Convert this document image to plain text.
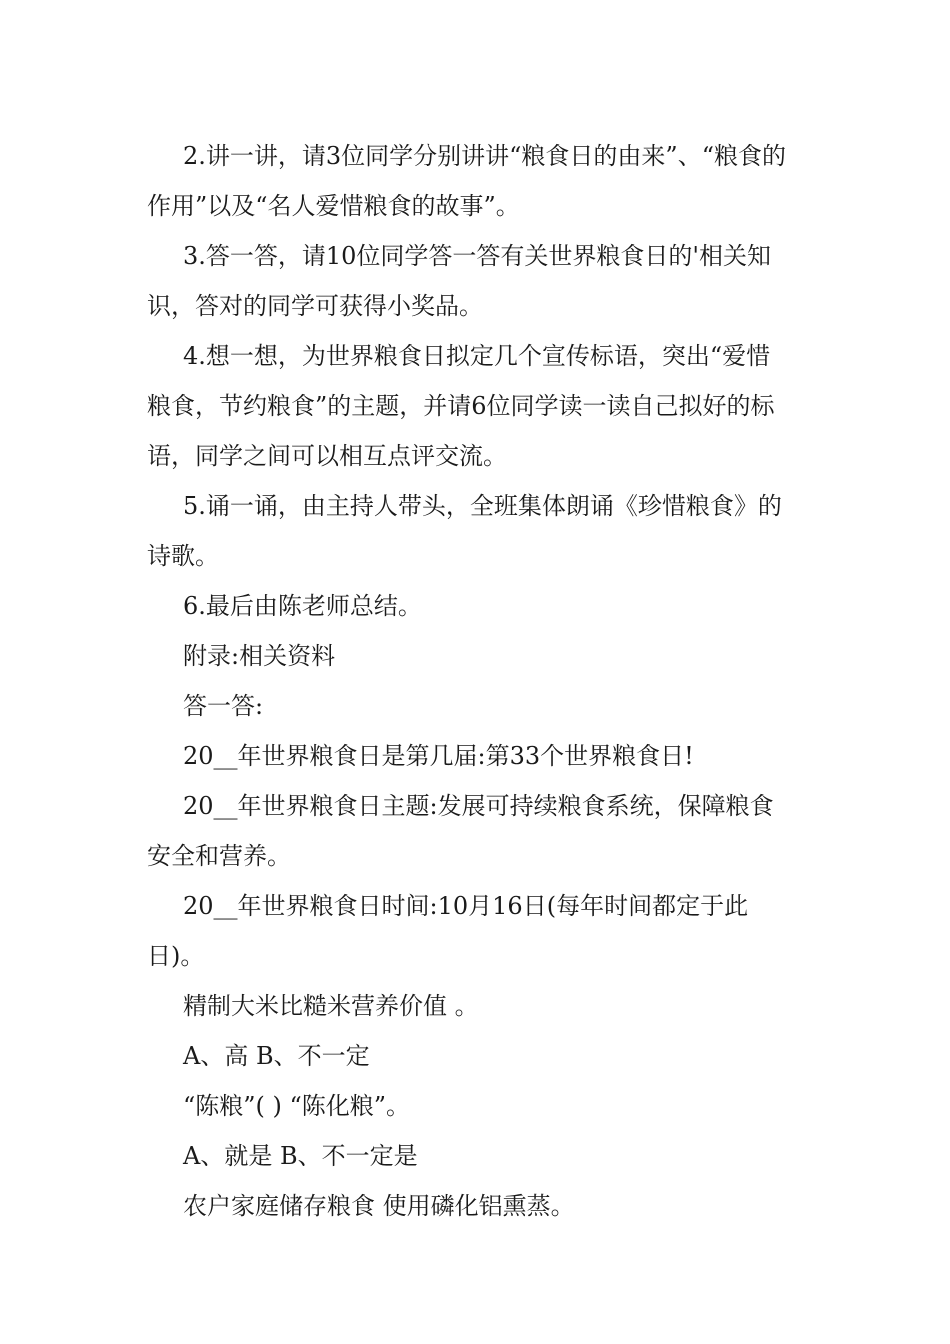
2.讲一讲，请3位同学分别讲讲“粮食日的由来”、“粮食的作用”以及“名人爱惜粮食的故事”。

3.答一答，请10位同学答一答有关世界粮食日的'相关知识，答对的同学可获得小奖品。

4.想一想，为世界粮食日拟定几个宣传标语，突出“爱惜粮食，节约粮食”的主题，并请6位同学读一读自己拟好的标语，同学之间可以相互点评交流。

5.诵一诵，由主持人带头，全班集体朗诵《珍惜粮食》的诗歌。

6.最后由陈老师总结。

附录:相关资料

答一答:

20__年世界粮食日是第几届:第33个世界粮食日!

20__年世界粮食日主题:发展可持续粮食系统，保障粮食安全和营养。

20__年世界粮食日时间:10月16日(每年时间都定于此日)。

精制大米比糙米营养价值 。

A、高 B、不一定

“陈粮”( ) “陈化粮”。

A、就是 B、不一定是

农户家庭储存粮食 使用磷化铝熏蒸。
